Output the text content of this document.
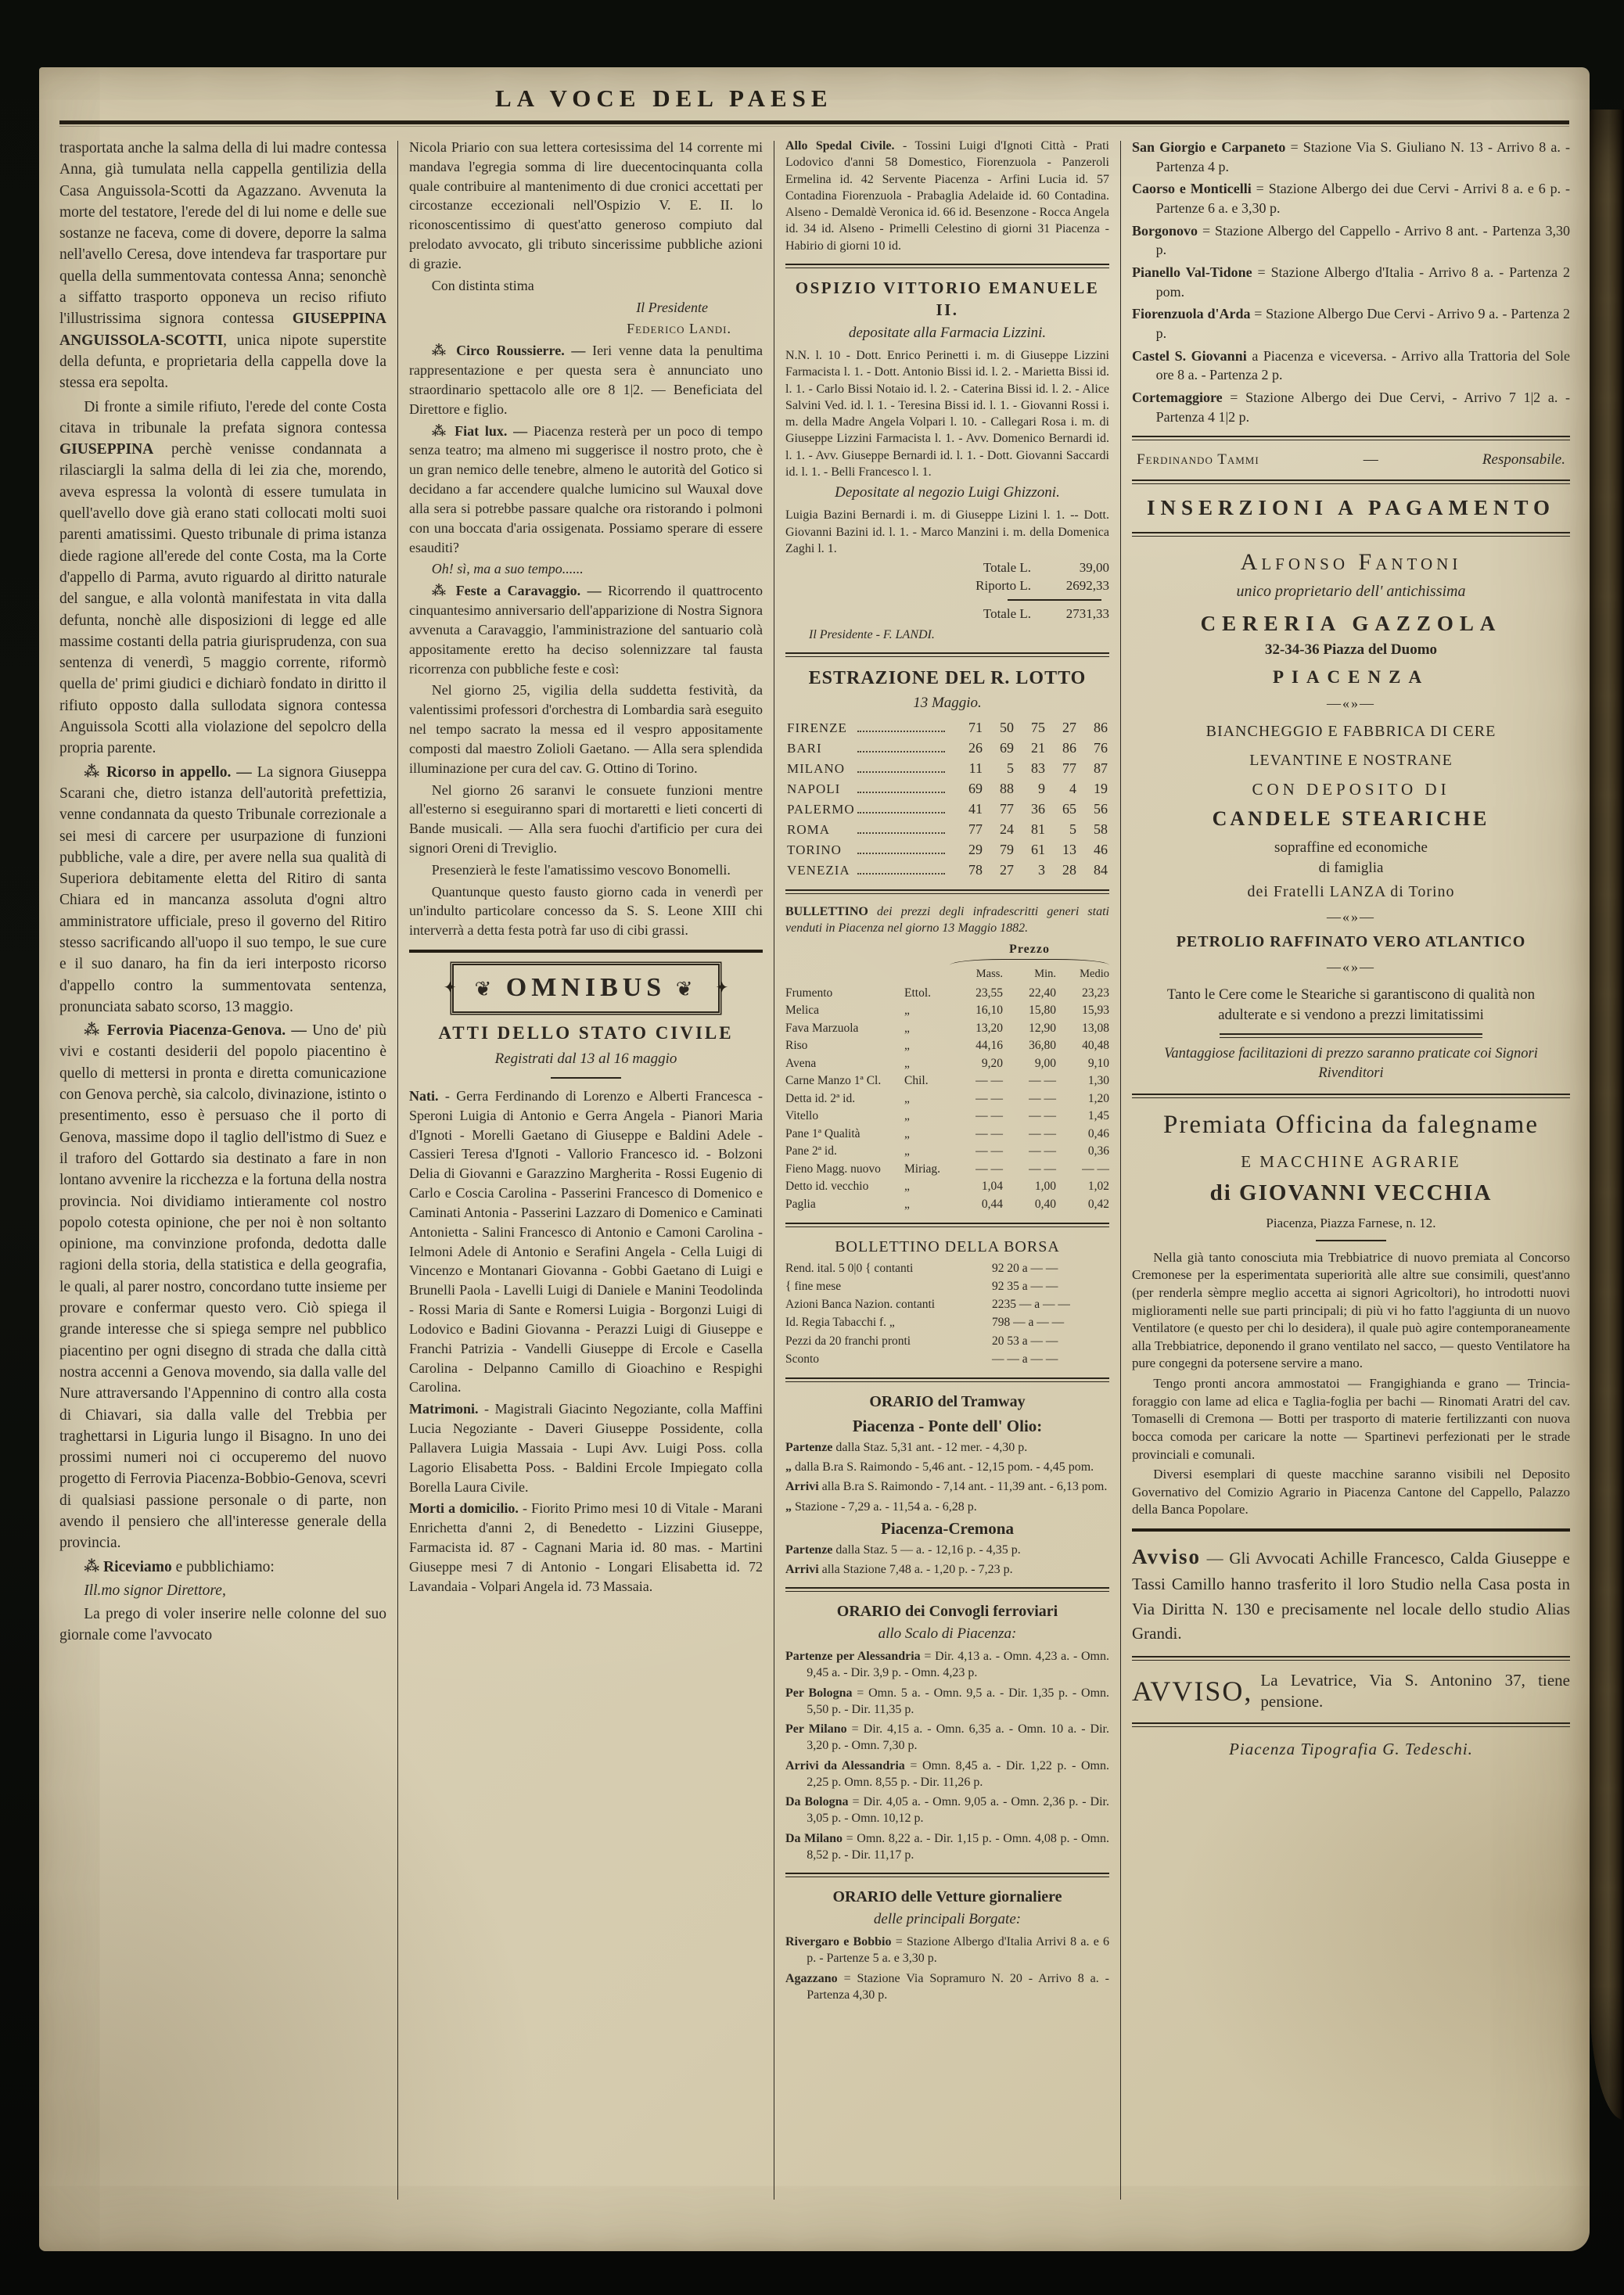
LA VOCE DEL PAESE

trasportata anche la salma della di lui madre contessa Anna, già tumulata nella cappella gentilizia della Casa Anguissola-Scotti da Agazzano. Avvenuta la morte del testatore, l'erede del di lui nome e delle sue sostanze ne faceva, come di dovere, deporre la salma nell'avello Ceresa, dove intendeva far trasportare pur quella della summentovata contessa Anna; senonchè a siffatto trasporto opponeva un reciso rifiuto l'illustrissima signora contessa GIUSEPPINA ANGUISSOLA-SCOTTI, unica nipote superstite della defunta, e proprietaria della cappella dove la stessa era sepolta.

Di fronte a simile rifiuto, l'erede del conte Costa citava in tribunale la prefata signora contessa GIUSEPPINA perchè venisse condannata a rilasciargli la salma della di lei zia che, morendo, aveva espressa la volontà di essere tumulata in quell'avello dove già erano stati collocati molti suoi parenti amatissimi. Questo tribunale di prima istanza diede ragione all'erede del conte Costa, ma la Corte d'appello di Parma, avuto riguardo al diritto naturale del sangue, e alla volontà manifestata in vita dalla defunta, nonchè alle disposizioni di legge ed alle massime costanti della patria giurisprudenza, con sua sentenza di venerdì, 5 maggio corrente, riformò quella de' primi giudici e dichiarò fondato in diritto il rifiuto opposto dalla sullodata signora contessa Anguissola Scotti alla violazione del sepolcro della propria parente.

⁂ Ricorso in appello. — La signora Giuseppa Scarani che, dietro istanza dell'autorità prefettizia, venne condannata da questo Tribunale correzionale a sei mesi di carcere per usurpazione di funzioni pubbliche, vale a dire, per avere nella sua qualità di Superiora debitamente eletta del Ritiro di santa Chiara ed in mancanza assoluta d'ogni altro amministratore ufficiale, preso il governo del Ritiro stesso sacrificando all'uopo il suo tempo, le sue cure e il suo danaro, ha fin da ieri interposto ricorso d'appello contro la summentovata sentenza, pronunciata sabato scorso, 13 maggio.

⁂ Ferrovia Piacenza-Genova. — Uno de' più vivi e costanti desiderii del popolo piacentino è quello di mettersi in pronta e diretta comunicazione con Genova perchè, sia calcolo, divinazione, istinto o presentimento, esso è persuaso che il porto di Genova, massime dopo il taglio dell'istmo di Suez e il traforo del Gottardo sia destinato a fare in non lontano avvenire la ricchezza e la fortuna della nostra provincia. Noi dividiamo intieramente col nostro popolo cotesta opinione, che per noi è non soltanto opinione, ma convinzione profonda, dedotta dalle ragioni della storia, della statistica e della geografia, le quali, al parer nostro, concordano tutte insieme per provare e confermar questo vero. Ciò spiega il grande interesse che si spiega sempre nel pubblico piacentino per ogni disegno di strada che dalla città nostra accenni a Genova movendo, sia dalla valle del Nure attraversando l'Appennino di contro alla costa di Chiavari, sia dalla valle del Trebbia per traghettarsi in Liguria lungo il Bisagno. In uno dei prossimi numeri noi ci occuperemo del nuovo progetto di Ferrovia Piacenza-Bobbio-Genova, scevri di qualsiasi passione personale o di parte, non avendo il pensiero che all'interesse generale della provincia.

⁂ Riceviamo e pubblichiamo:

Ill.mo signor Direttore,

La prego di voler inserire nelle colonne del suo giornale come l'avvocato

Nicola Priario con sua lettera cortesissima del 14 corrente mi mandava l'egregia somma di lire duecentocinquanta colla quale contribuire al mantenimento di due cronici accettati per circostanze eccezionali nell'Ospizio V. E. II. lo riconoscentissimo di quest'atto generoso compiuto dal prelodato avvocato, gli tributo sincerissime pubbliche azioni di grazie.

Con distinta stima

Il Presidente

Federico Landi.

⁂ Circo Roussierre. — Ieri venne data la penultima rappresentazione e per questa sera è annunciato uno straordinario spettacolo alle ore 8 1|2. — Beneficiata del Direttore e figlio.

⁂ Fiat lux. — Piacenza resterà per un poco di tempo senza teatro; ma almeno mi suggerisce il nostro proto, che è un gran nemico delle tenebre, almeno le autorità del Gotico si decidano a far accendere qualche lumicino sul Wauxal dove alla sera si potrebbe passare qualche ora ristorando i polmoni con una boccata d'aria ossigenata. Possiamo sperare di essere esauditi?

Oh! sì, ma a suo tempo......

⁂ Feste a Caravaggio. — Ricorrendo il quattrocento cinquantesimo anniversario dell'apparizione di Nostra Signora avvenuta a Caravaggio, l'amministrazione del santuario colà appositamente eretto ha deciso solennizzare tal fausta ricorrenza con pubbliche feste e così:

Nel giorno 25, vigilia della suddetta festività, da valentissimi professori d'orchestra di Lombardia sarà eseguito nel tempo sacrato la messa ed il vespro appositamente composti dal maestro Zolioli Gaetano. — Alla sera splendida illuminazione per cura del cav. G. Ottino di Torino.

Nel giorno 26 saranvi le consuete funzioni mentre all'esterno si eseguiranno spari di mortaretti e lieti concerti di Bande musicali. — Alla sera fuochi d'artificio per cura dei signori Oreni di Treviglio.

Presenzierà le feste l'amatissimo vescovo Bonomelli.

Quantunque questo fausto giorno cada in venerdì per un'indulto particolare concesso da S. S. Leone XIII chi interverrà a detta festa potrà far uso di cibi grassi.

✦ ❦ OMNIBUS ❦ ✦
ATTI DELLO STATO CIVILE
Registrati dal 13 al 16 maggio

Nati. - Gerra Ferdinando di Lorenzo e Alberti Francesca - Speroni Luigia di Antonio e Gerra Angela - Pianori Maria d'Ignoti - Morelli Gaetano di Giuseppe e Baldini Adele - Cassieri Teresa d'Ignoti - Vallorio Francesco id. - Bolzoni Delia di Giovanni e Garazzino Margherita - Rossi Eugenio di Carlo e Coscia Carolina - Passerini Francesco di Domenico e Caminati Antonia - Passerini Lazzaro di Domenico e Caminati Antonietta - Salini Francesco di Antonio e Camoni Carolina - Ielmoni Adele di Antonio e Serafini Angela - Cella Luigi di Vincenzo e Montanari Giovanna - Gobbi Gaetano di Luigi e Brunelli Paola - Lavelli Luigi di Daniele e Manini Teodolinda - Rossi Maria di Sante e Romersi Luigia - Borgonzi Luigi di Lodovico e Badini Giovanna - Perazzi Luigi di Giuseppe e Franchi Patrizia - Vandelli Giuseppe di Ercole e Casella Carolina - Delpanno Camillo di Gioachino e Respighi Carolina.

Matrimoni. - Magistrali Giacinto Negoziante, colla Maffini Lucia Negoziante - Daveri Giuseppe Possidente, colla Pallavera Luigia Massaia - Lupi Avv. Luigi Poss. colla Lagorio Elisabetta Poss. - Baldini Ercole Impiegato colla Borella Laura Civile.

Morti a domicilio. - Fiorito Primo mesi 10 di Vitale - Marani Enrichetta d'anni 2, di Benedetto - Lizzini Giuseppe, Farmacista id. 87 - Cagnani Maria id. 80 mas. - Martini Giuseppe mesi 7 di Antonio - Longari Elisabetta id. 72 Lavandaia - Volpari Angela id. 73 Massaia.

Allo Spedal Civile. - Tossini Luigi d'Ignoti Città - Prati Lodovico d'anni 58 Domestico, Fiorenzuola - Panzeroli Ermelina id. 42 Servente Piacenza - Arfini Lucia id. 57 Contadina Fiorenzuola - Prabaglia Adelaide id. 60 Contadina. Alseno - Demaldè Veronica id. 66 id. Besenzone - Rocca Angela id. 34 id. Alseno - Primelli Celestino di giorni 31 Piacenza - Habirio di giorni 10 id.

OSPIZIO VITTORIO EMANUELE II.
depositate alla Farmacia Lizzini.

N.N. l. 10 - Dott. Enrico Perinetti i. m. di Giuseppe Lizzini Farmacista l. 1. - Dott. Antonio Bissi id. l. 2. - Marietta Bissi id. l. 1. - Carlo Bissi Notaio id. l. 2. - Caterina Bissi id. l. 2. - Alice Salvini Ved. id. l. 1. - Teresina Bissi id. l. 1. - Giovanni Rossi i. m. della Madre Angela Volpari l. 10. - Callegari Rosa i. m. di Giuseppe Lizzini Farmacista l. 1. - Avv. Domenico Bernardi id. l. 1. - Avv. Giuseppe Bernardi id. l. 1. - Dott. Giovanni Saccardi id. l. 1. - Belli Francesco l. 1.

Depositate al negozio Luigi Ghizzoni.

Luigia Bazini Bernardi i. m. di Giuseppe Lizini l. 1. -- Dott. Giovanni Bazini id. l. 1. - Marco Manzini i. m. della Domenica Zaghi l. 1.

Totale L.	39,00
Riporto L.	2692,33
Totale L.	2731,33

Il Presidente - F. LANDI.

ESTRAZIONE DEL R. LOTTO
13 Maggio.
FIRENZE	71	50	75	27	86
BARI	26	69	21	86	76
MILANO	11	5	83	77	87
NAPOLI	69	88	9	4	19
PALERMO	41	77	36	65	56
ROMA	77	24	81	5	58
TORINO	29	79	61	13	46
VENEZIA	78	27	3	28	84

BULLETTINO dei prezzi degli infradescritti generi stati venduti in Piacenza nel giorno 13 Maggio 1882.

Prezzo
Mass.	Min.	Medio
Frumento	Ettol.	23,55	22,40	23,23
Melica	„	16,10	15,80	15,93
Fava Marzuola	„	13,20	12,90	13,08
Riso	„	44,16	36,80	40,48
Avena	„	9,20	9,00	9,10
Carne Manzo 1ª Cl.	Chil.	— —	— —	1,30
Detta id. 2ª id.	„	— —	— —	1,20
Vitello	„	— —	— —	1,45
Pane 1ª Qualità	„	— —	— —	0,46
Pane 2ª id.	„	— —	— —	0,36
Fieno Magg. nuovo	Miriag.	— —	— —	— —
Detto id. vecchio	„	1,04	1,00	1,02
Paglia	„	0,44	0,40	0,42
BOLLETTINO DELLA BORSA
Rend. ital. 5 0|0 { contanti	92 20 a — —
{ fine mese	92 35 a — —
Azioni Banca Nazion. contanti	2235 — a — —
Id. Regia Tabacchi f. „	798 — a — —
Pezzi da 20 franchi pronti	20 53 a — —
Sconto	— — a — —
ORARIO del Tramway
Piacenza - Ponte dell' Olio:

Partenze dalla Staz. 5,31 ant. - 12 mer. - 4,30 p.

„ dalla B.ra S. Raimondo - 5,46 ant. - 12,15 pom. - 4,45 pom.

Arrivi alla B.ra S. Raimondo - 7,14 ant. - 11,39 ant. - 6,13 pom.

„ Stazione - 7,29 a. - 11,54 a. - 6,28 p.

Piacenza-Cremona

Partenze dalla Staz. 5 — a. - 12,16 p. - 4,35 p.

Arrivi alla Stazione 7,48 a. - 1,20 p. - 7,23 p.

ORARIO dei Convogli ferroviari
allo Scalo di Piacenza:

Partenze per Alessandria = Dir. 4,13 a. - Omn. 4,23 a. - Omn. 9,45 a. - Dir. 3,9 p. - Omn. 4,23 p.

Per Bologna = Omn. 5 a. - Omn. 9,5 a. - Dir. 1,35 p. - Omn. 5,50 p. - Dir. 11,35 p.

Per Milano = Dir. 4,15 a. - Omn. 6,35 a. - Omn. 10 a. - Dir. 3,20 p. - Omn. 7,30 p.

Arrivi da Alessandria = Omn. 8,45 a. - Dir. 1,22 p. - Omn. 2,25 p. Omn. 8,55 p. - Dir. 11,26 p.

Da Bologna = Dir. 4,05 a. - Omn. 9,05 a. - Omn. 2,36 p. - Dir. 3,05 p. - Omn. 10,12 p.

Da Milano = Omn. 8,22 a. - Dir. 1,15 p. - Omn. 4,08 p. - Omn. 8,52 p. - Dir. 11,17 p.

ORARIO delle Vetture giornaliere
delle principali Borgate:

Rivergaro e Bobbio = Stazione Albergo d'Italia Arrivi 8 a. e 6 p. - Partenze 5 a. e 3,30 p.

Agazzano = Stazione Via Sopramuro N. 20 - Arrivo 8 a. - Partenza 4,30 p.

San Giorgio e Carpaneto = Stazione Via S. Giuliano N. 13 - Arrivo 8 a. - Partenza 4 p.

Caorso e Monticelli = Stazione Albergo dei due Cervi - Arrivi 8 a. e 6 p. - Partenze 6 a. e 3,30 p.

Borgonovo = Stazione Albergo del Cappello - Arrivo 8 ant. - Partenza 3,30 p.

Pianello Val-Tidone = Stazione Albergo d'Italia - Arrivo 8 a. - Partenza 2 pom.

Fiorenzuola d'Arda = Stazione Albergo Due Cervi - Arrivo 9 a. - Partenza 2 p.

Castel S. Giovanni a Piacenza e viceversa. - Arrivo alla Trattoria del Sole ore 8 a. - Partenza 2 p.

Cortemaggiore = Stazione Albergo dei Due Cervi, - Arrivo 7 1|2 a. - Partenza 4 1|2 p.

Ferdinando Tammi	—	Responsabile.
INSERZIONI A PAGAMENTO
Alfonso Fantoni
unico proprietario dell' antichissima
CERERIA GAZZOLA
32-34-36 Piazza del Duomo
PIACENZA
—«»—
BIANCHEGGIO E FABBRICA DI CERE
LEVANTINE E NOSTRANE
CON DEPOSITO DI
CANDELE STEARICHE
sopraffine ed economiche
di famiglia
dei Fratelli LANZA di Torino
—«»—
PETROLIO RAFFINATO VERO ATLANTICO
—«»—
Tanto le Cere come le Steariche si garantiscono di qualità non adulterate e si vendono a prezzi limitatissimi
Vantaggiose facilitazioni di prezzo saranno praticate coi Signori Rivenditori
Premiata Officina da falegname
E MACCHINE AGRARIE
di GIOVANNI VECCHIA
Piacenza, Piazza Farnese, n. 12.

Nella già tanto conosciuta mia Trebbiatrice di nuovo premiata al Concorso Cremonese per la esperimentata superiorità alle altre sue consimili, quest'anno (per renderla sèmpre meglio accetta ai signori Agricoltori), ho introdotti nuovi miglioramenti nelle sue parti principali; di più vi ho fatto l'aggiunta di un nuovo Ventilatore (e questo per chi lo desidera), il quale può agire contemporaneamente alla Trebbiatrice, deponendo il grano ventilato nel sacco, — questo Ventilatore ha pure congegni da potersene servire a mano.

Tengo pronti ancora ammostatoi — Frangighianda e grano — Trincia-foraggio con lame ad elica e Taglia-foglia per bachi — Rinomati Aratri del cav. Tomaselli di Cremona — Botti per trasporto di materie fertilizzanti con nuova bocca comoda per caricare la notte — Spartinevi perfezionati per le strade provinciali e comunali.

Diversi esemplari di queste macchine saranno visibili nel Deposito Governativo del Comizio Agrario in Piacenza Cantone del Cappello, Palazzo della Banca Popolare.

Avviso — Gli Avvocati Achille Francesco, Calda Giuseppe e Tassi Camillo hanno trasferito il loro Studio nella Casa posta in Via Diritta N. 130 e precisamente nel locale dello studio Alias Grandi.

AVVISO, La Levatrice, Via S. Antonino 37, tiene pensione.
Piacenza Tipografia G. Tedeschi.
